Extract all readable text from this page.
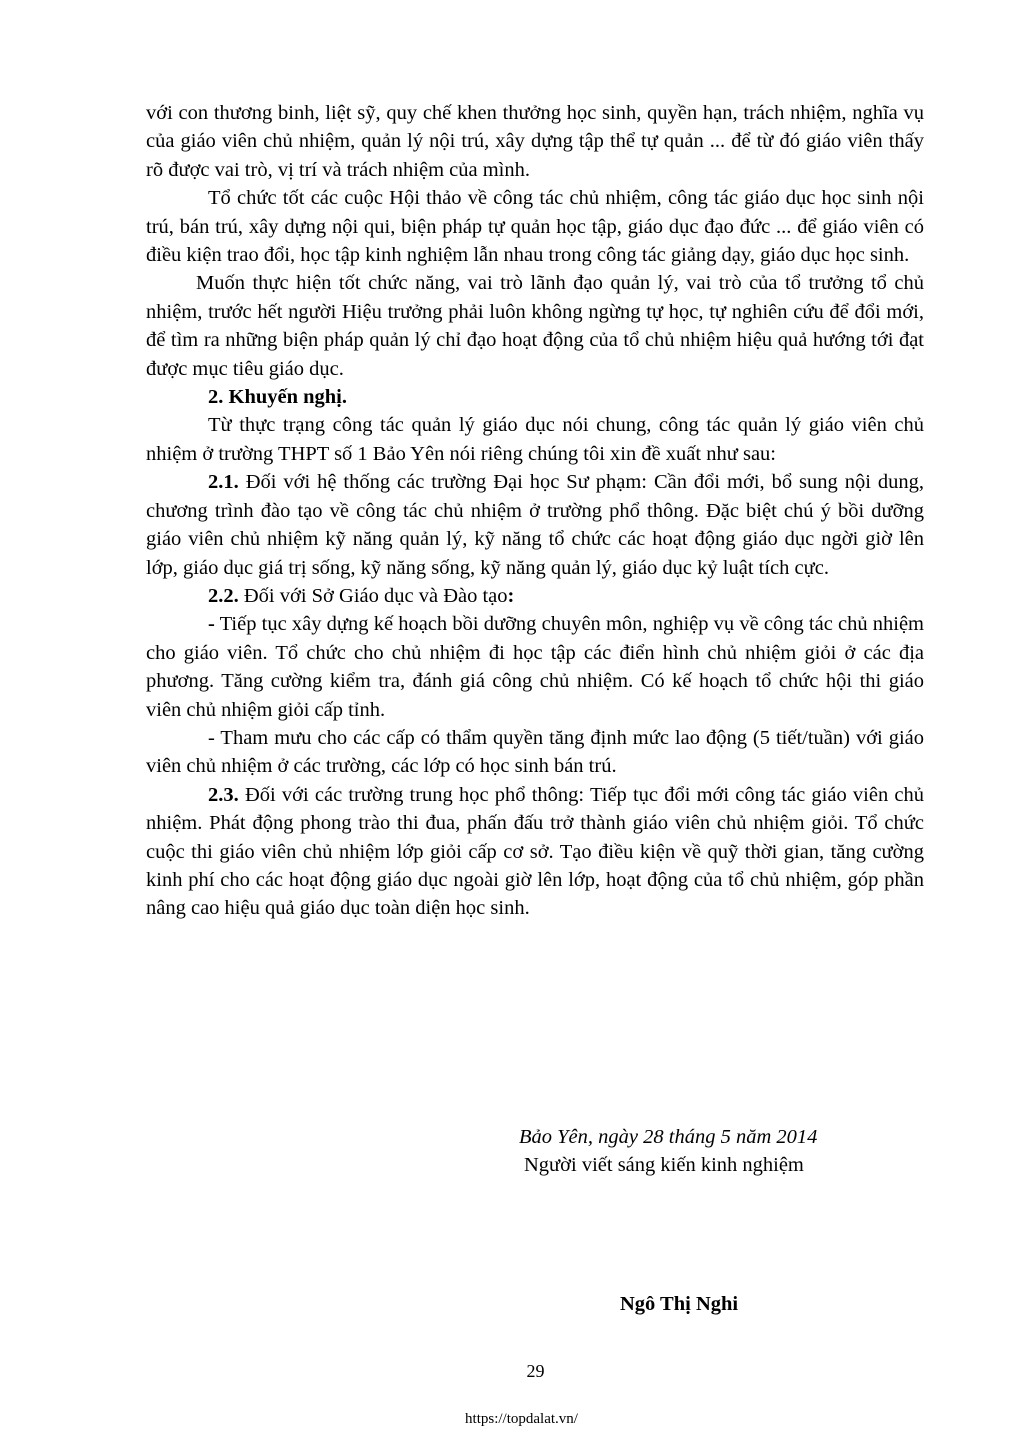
với con thương binh, liệt sỹ, quy chế khen thưởng học sinh, quyền hạn, trách nhiệm, nghĩa vụ của giáo viên chủ nhiệm, quản lý nội trú, xây dựng tập thể tự quản ... để từ đó giáo viên thấy rõ được vai trò, vị trí và trách nhiệm của mình.

Tổ chức tốt các cuộc Hội thảo về công tác chủ nhiệm, công tác giáo dục học sinh nội trú, bán trú, xây dựng nội qui, biện pháp tự quản học tập, giáo dục đạo đức ... để giáo viên có điều kiện trao đổi, học tập kinh nghiệm lẫn nhau trong công tác giảng dạy, giáo dục học sinh.

Muốn thực hiện tốt chức năng, vai trò lãnh đạo quản lý, vai trò của tổ trưởng tổ chủ nhiệm, trước hết người Hiệu trưởng phải luôn không ngừng tự học, tự nghiên cứu để đổi mới, để tìm ra những biện pháp quản lý chỉ đạo hoạt động của tổ chủ nhiệm hiệu quả hướng tới đạt được mục tiêu giáo dục.

2. Khuyến nghị.

Từ thực trạng công tác quản lý giáo dục nói chung, công tác quản lý giáo viên chủ nhiệm ở trường THPT số 1 Bảo Yên nói riêng chúng tôi xin đề xuất như sau:

2.1. Đối với hệ thống các trường Đại học Sư phạm: Cần đổi mới, bổ sung nội dung, chương trình đào tạo về công tác chủ nhiệm ở trường phổ thông. Đặc biệt chú ý bồi dưỡng giáo viên chủ nhiệm kỹ năng quản lý, kỹ năng tổ chức các hoạt động giáo dục ngời giờ lên lớp, giáo dục giá trị sống, kỹ năng sống, kỹ năng quản lý, giáo dục kỷ luật tích cực.

2.2. Đối với Sở Giáo dục và Đào tạo:

- Tiếp tục xây dựng kế hoạch bồi dưỡng chuyên môn, nghiệp vụ về công tác chủ nhiệm cho giáo viên. Tổ chức cho chủ nhiệm đi học tập các điển hình chủ nhiệm giỏi ở các địa phương. Tăng cường kiểm tra, đánh giá công chủ nhiệm. Có kế hoạch tổ chức hội thi giáo viên chủ nhiệm giỏi cấp tỉnh.

- Tham mưu cho các cấp có thẩm quyền tăng định mức lao động (5 tiết/tuần) với giáo viên chủ nhiệm ở các trường, các lớp có học sinh bán trú.

2.3. Đối với các trường trung học phổ thông: Tiếp tục đổi mới công tác giáo viên chủ nhiệm. Phát động phong trào thi đua, phấn đấu trở thành giáo viên chủ nhiệm giỏi. Tổ chức cuộc thi giáo viên chủ nhiệm lớp giỏi cấp cơ sở. Tạo điều kiện về quỹ thời gian, tăng cường kinh phí cho các hoạt động giáo dục ngoài giờ lên lớp, hoạt động của tổ chủ nhiệm, góp phần nâng cao hiệu quả giáo dục toàn diện học sinh.

Bảo Yên, ngày 28 tháng 5 năm 2014
Người viết sáng kiến kinh nghiệm
Ngô Thị Nghi
29
https://topdalat.vn/
